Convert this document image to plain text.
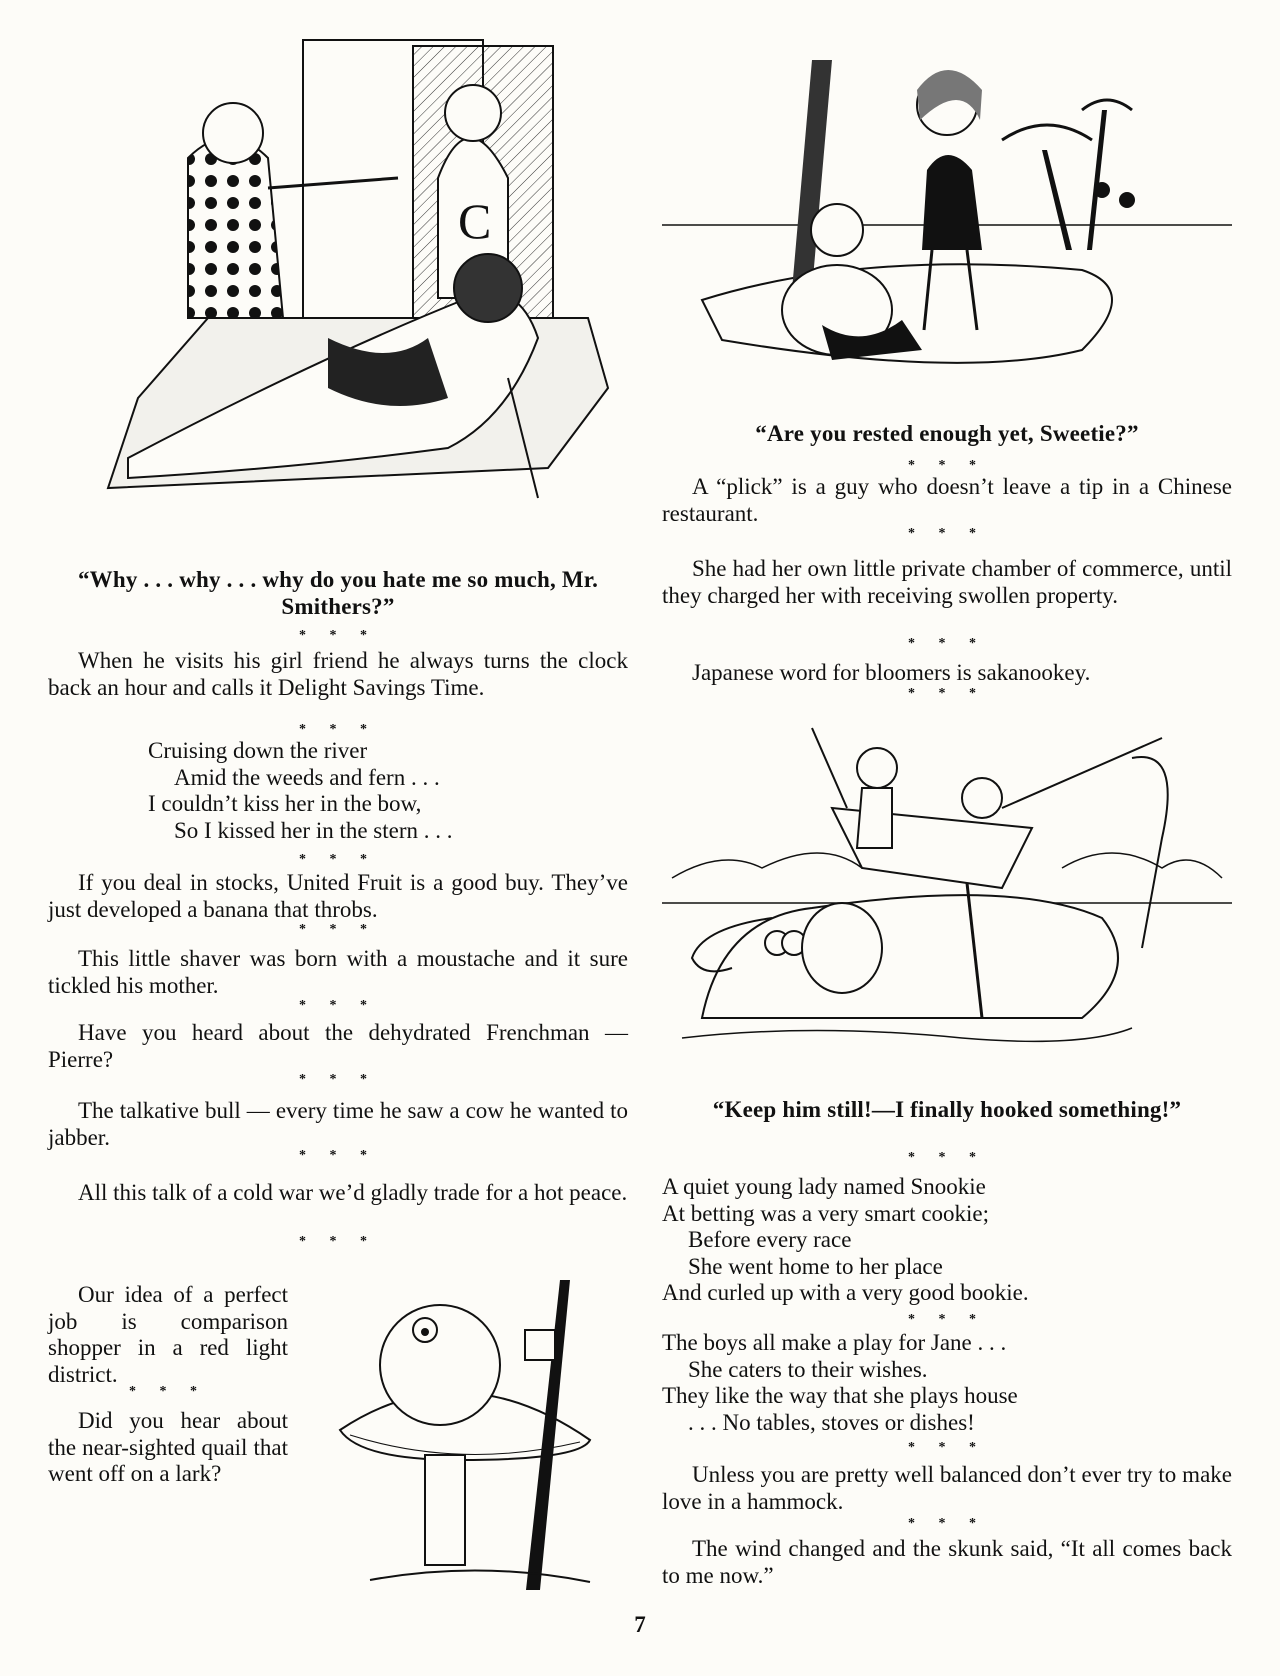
C
“Why . . . why . . . why do you hate me so much, Mr. Smithers?”
* * *

When he visits his girl friend he always turns the clock back an hour and calls it Delight Savings Time.

* * *
Cruising down the river
Amid the weeds and fern . . .
I couldn’t kiss her in the bow,
So I kissed her in the stern . . .
* * *

If you deal in stocks, United Fruit is a good buy. They’ve just developed a banana that throbs.

* * *

This little shaver was born with a moustache and it sure tickled his mother.

* * *

Have you heard about the dehydrated Frenchman — Pierre?

* * *

The talkative bull — every time he saw a cow he wanted to jabber.

* * *

All this talk of a cold war we’d gladly trade for a hot peace.

* * *

Our idea of a perfect job is comparison shopper in a red light district.

* * *

Did you hear about the near-sighted quail that went off on a lark?

“Are you rested enough yet, Sweetie?”
* * *

A “plick” is a guy who doesn’t leave a tip in a Chinese restaurant.

* * *

She had her own little private chamber of commerce, until they charged her with receiving swollen property.

* * *

Japanese word for bloomers is sakanookey.

* * *
“Keep him still!—I finally hooked something!”
* * *
A quiet young lady named Snookie
At betting was a very smart cookie;
Before every race
She went home to her place
And curled up with a very good bookie.
* * *
The boys all make a play for Jane . . .
She caters to their wishes.
They like the way that she plays house
. . . No tables, stoves or dishes!
* * *

Unless you are pretty well balanced don’t ever try to make love in a hammock.

* * *

The wind changed and the skunk said, “It all comes back to me now.”

7
